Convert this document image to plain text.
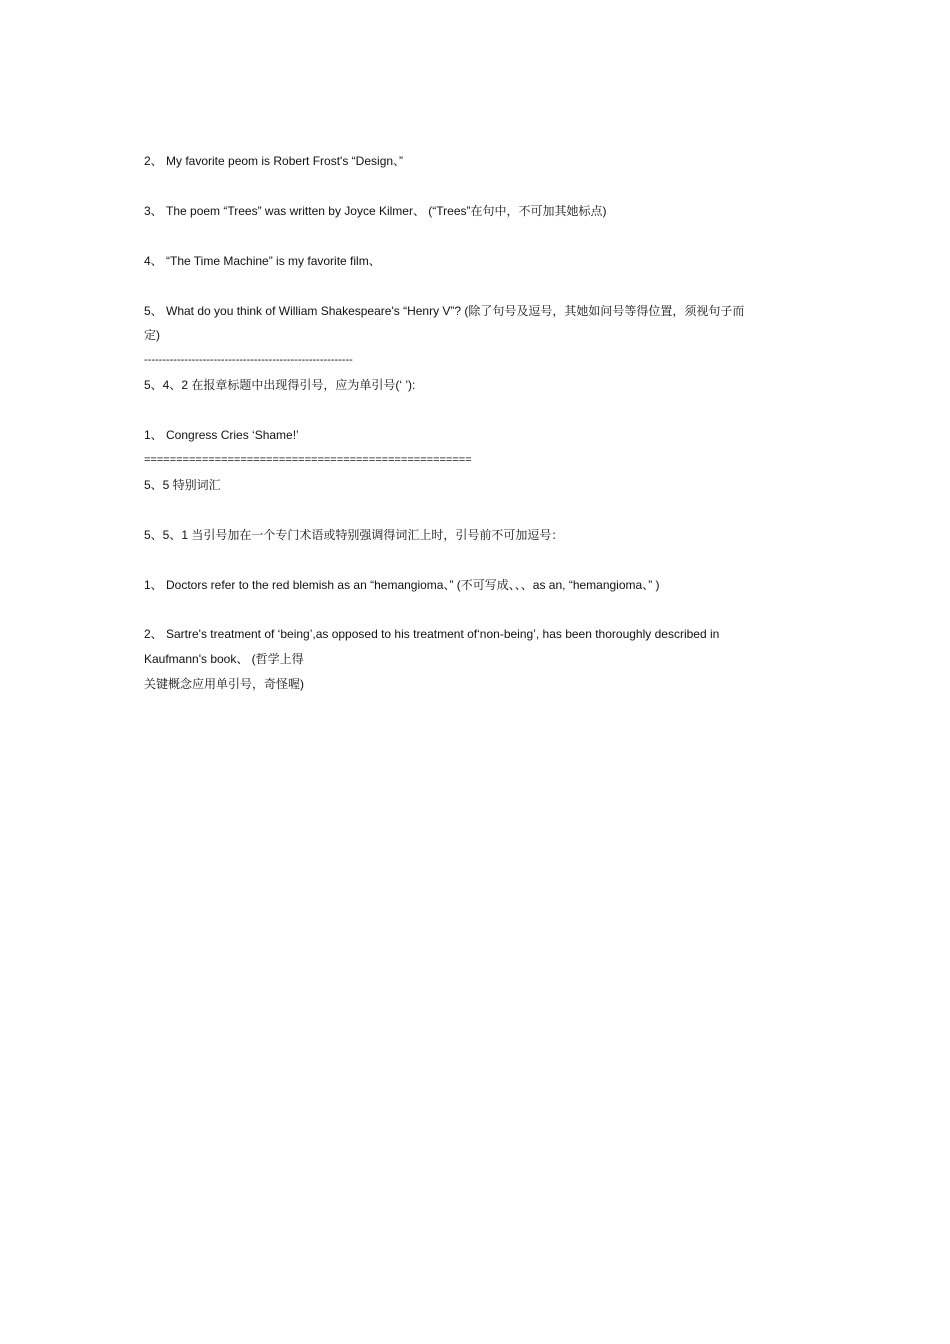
2、 My favorite peom is Robert Frost's “Design、”
3、 The poem “Trees” was written by Joyce Kilmer、 (“Trees”在句中，不可加其她标点)
4、 “The Time Machine” is my favorite film、
5、 What do you think of William Shakespeare's “Henry V”? (除了句号及逗号，其她如问号等得位置，须视句子而
定)
---------------------------------------------------------
5、4、2 在报章标题中出现得引号，应为单引号(‘ ’):
1、 Congress Cries ‘Shame!’
===================================================
5、5 特别词汇
5、5、1 当引号加在一个专门术语或特别强调得词汇上时，引号前不可加逗号：
1、 Doctors refer to the red blemish as an “hemangioma、” (不可写成、、、as an, “hemangioma、” )
2、 Sartre's treatment of ‘being’,as opposed to his treatment of‘non-being’, has been thoroughly described in
Kaufmann's book、 (哲学上得
关键概念应用单引号，奇怪喔)
